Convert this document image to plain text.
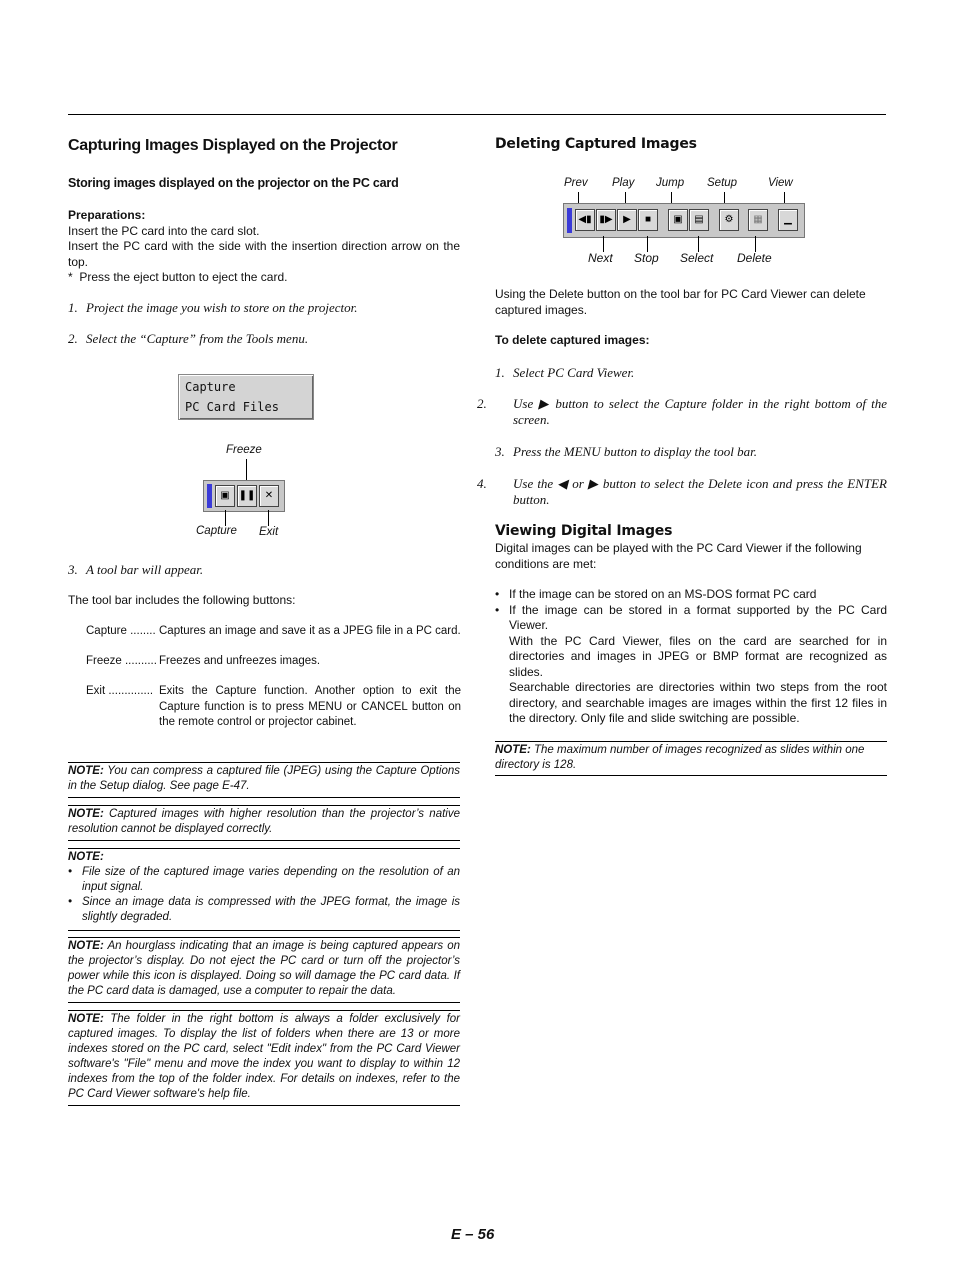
Capturing Images Displayed on the Projector
Storing images displayed on the projector on the PC card
Preparations:
Insert the PC card into the card slot.
Insert the PC card with the side with the insertion direction arrow on the top.
* Press the eject button to eject the card.
1. Project the image you wish to store on the projector.
2. Select the “Capture” from the Tools menu.
Capture
PC Card Files
Freeze
▣ ❚❚ ✕
Capture Exit
3. A tool bar will appear.
The tool bar includes the following buttons:
Capture ........ Captures an image and save it as a JPEG file in a PC card.
Freeze .......... Freezes and unfreezes images.
Exit .............. Exits the Capture function. Another option to exit the Capture function is to press MENU or CANCEL button on the remote control or projector cabinet.
NOTE: You can compress a captured file (JPEG) using the Capture Options in the Setup dialog. See page E-47.
NOTE: Captured images with higher resolution than the projector’s native resolution cannot be displayed correctly.
NOTE:
• File size of the captured image varies depending on the resolution of an input signal.
• Since an image data is compressed with the JPEG format, the image is slightly degraded.
NOTE: An hourglass indicating that an image is being captured appears on the projector’s display. Do not eject the PC card or turn off the projector’s power while this icon is displayed. Doing so will damage the PC card data. If the PC card data is damaged, use a computer to repair the data.
NOTE: The folder in the right bottom is always a folder exclusively for captured images. To display the list of folders when there are 13 or more indexes stored on the PC card, select "Edit index" from the PC Card Viewer software's "File" menu and move the index you want to display to within 12 indexes from the top of the folder index. For details on indexes, refer to the PC Card Viewer software's help file.
Deleting Captured Images
Prev Play Jump Setup	View
◀▮ ▮▶	▶	■	▣	▤	⚙	▦	▁
Next Stop Select Delete
Using the Delete button on the tool bar for PC Card Viewer can delete captured images.
To delete captured images:
1. Select PC Card Viewer.
2. Use ▶ button to select the Capture folder in the right bottom of the screen.
3. Press the MENU button to display the tool bar.
4. Use the ◀ or ▶ button to select the Delete icon and press the ENTER button.
Viewing Digital Images
Digital images can be played with the PC Card Viewer if the following conditions are met:
• If the image can be stored on an MS-DOS format PC card
• If the image can be stored in a format supported by the PC Card Viewer.
With the PC Card Viewer, files on the card are searched for in directories and images in JPEG or BMP format are recognized as slides.
Searchable directories are directories within two steps from the root directory, and searchable images are images within the first 12 files in the directory. Only file and slide switching are possible.
NOTE: The maximum number of images recognized as slides within one directory is 128.
E – 56
